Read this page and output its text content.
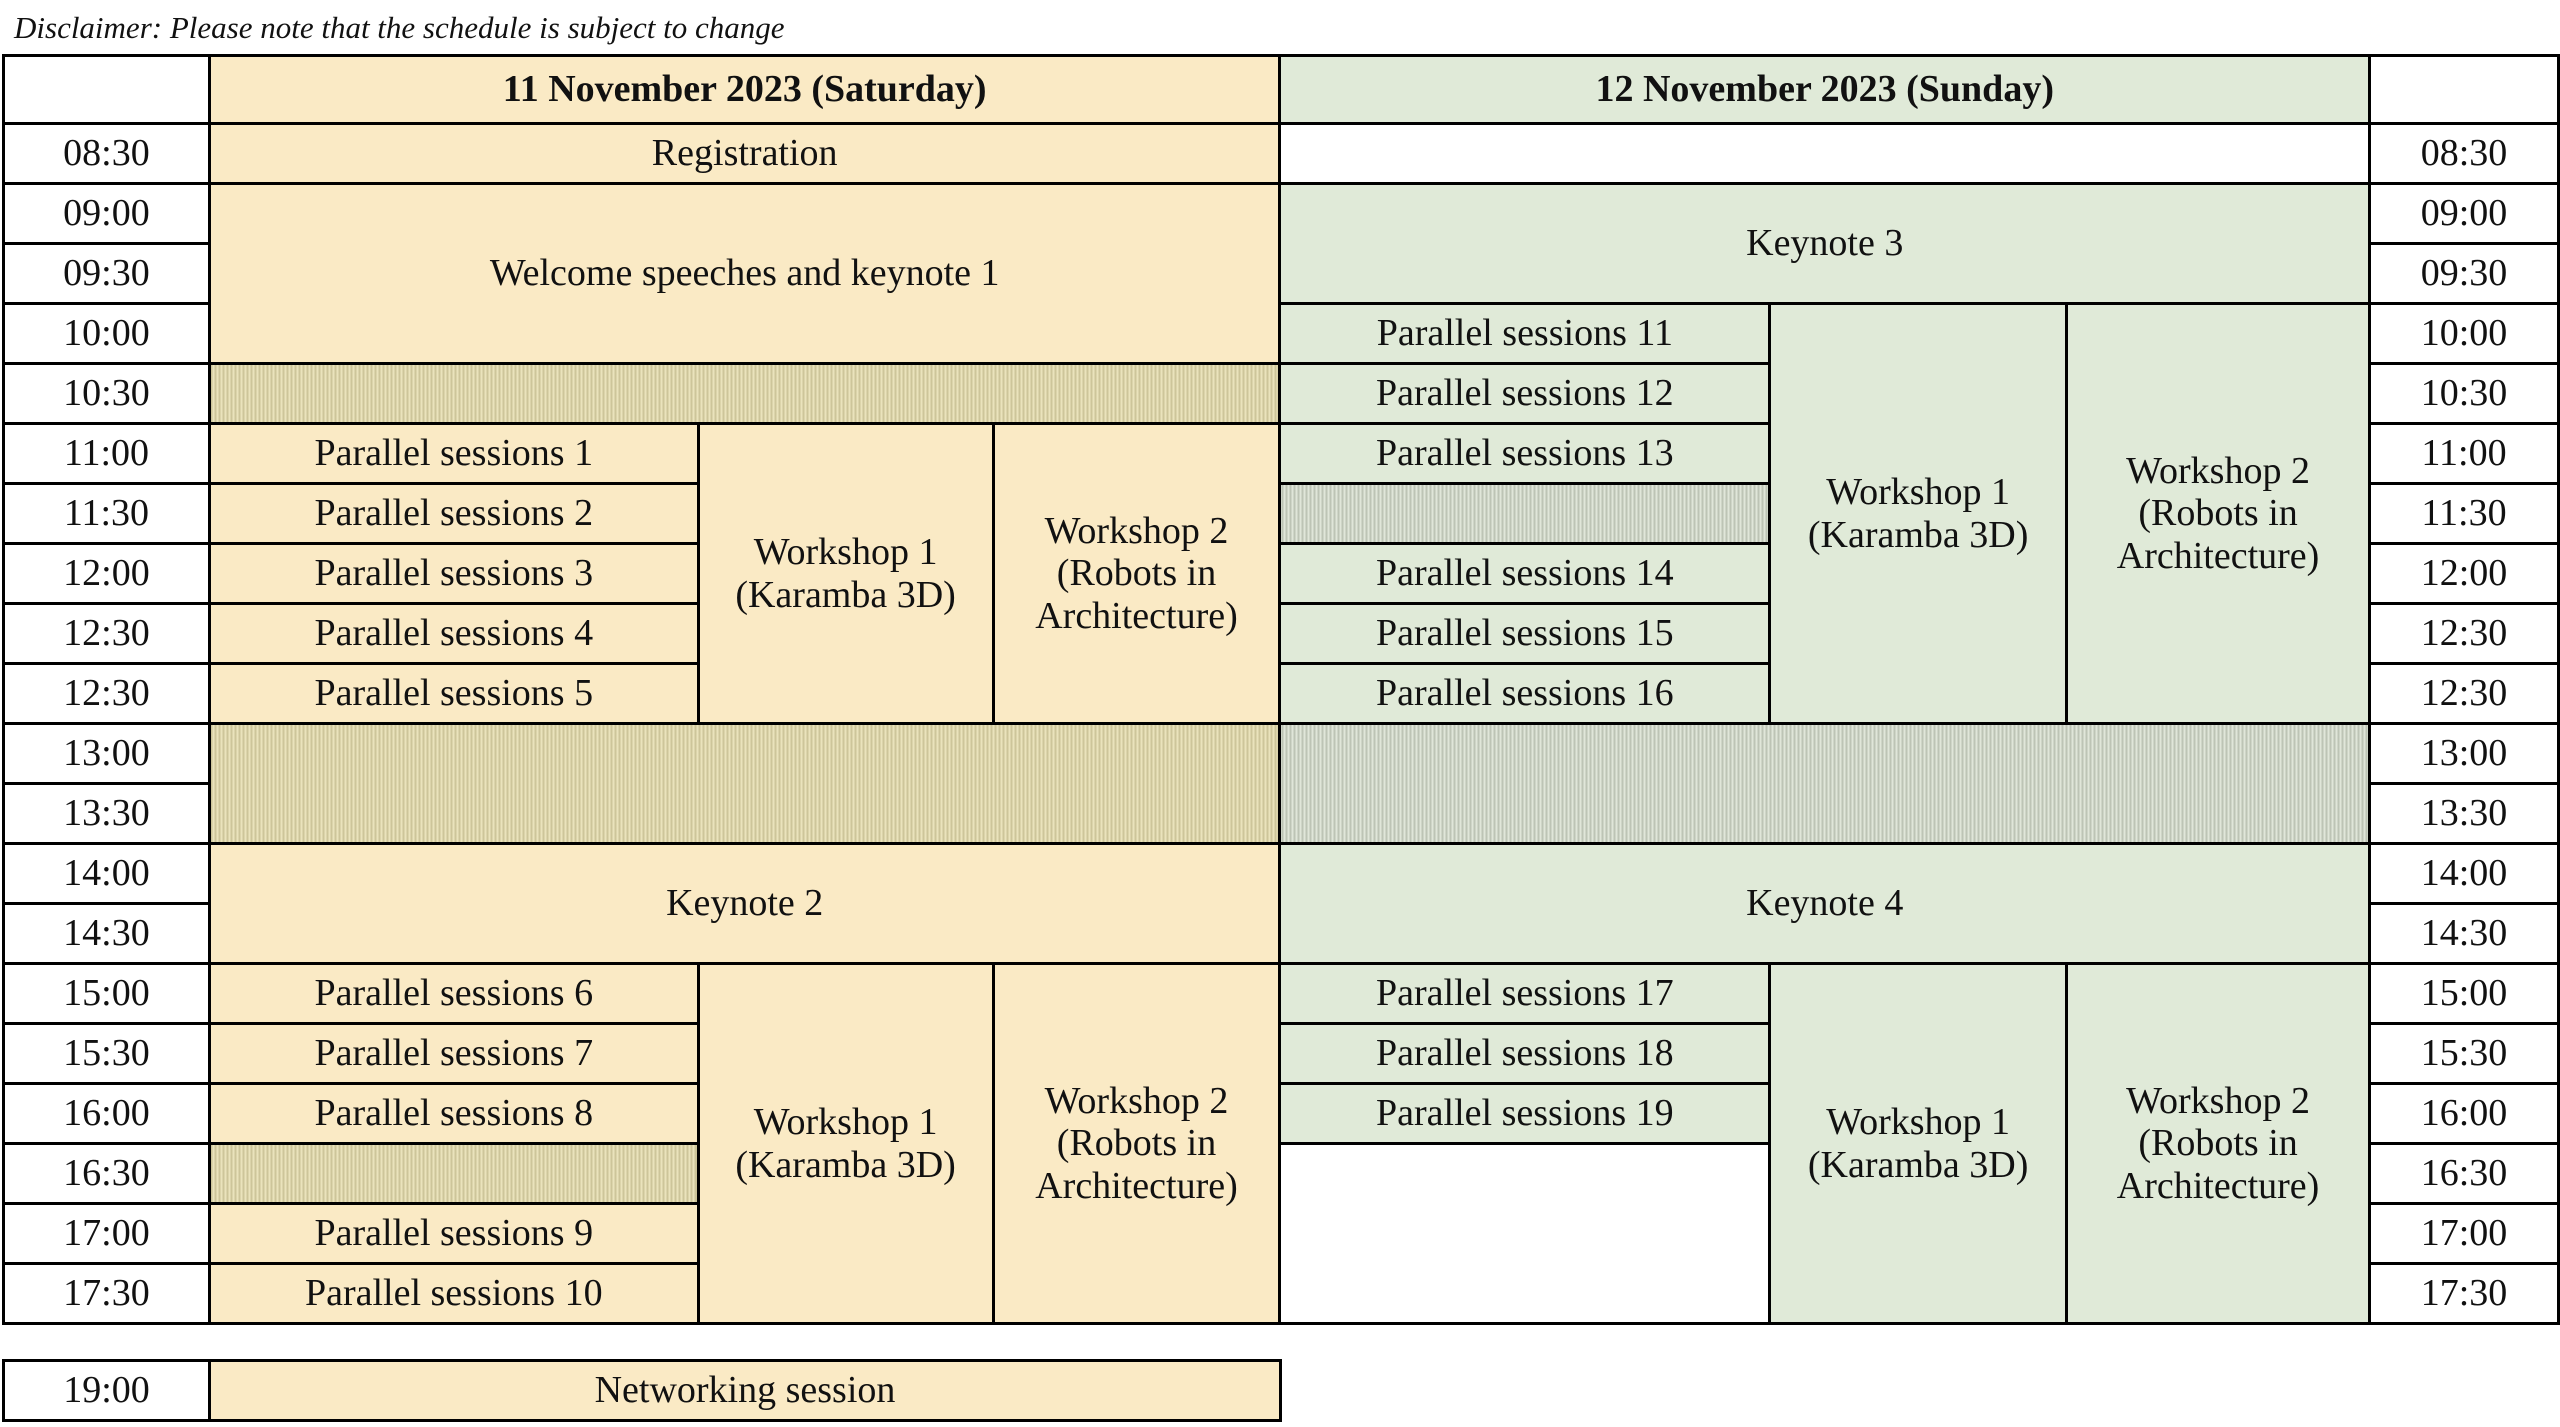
Disclaimer: Please note that the schedule is subject to change
	11 November 2023 (Saturday)			12 November 2023 (Sunday)			
08:30	Registration						08:30
09:00	Welcome speeches and keynote 1			Keynote 3			09:00
09:30							09:30
10:00				Parallel sessions 11	Workshop 1 (Karamba 3D)	Workshop 2 (Robots in Architecture)	10:00
10:30				Parallel sessions 12			10:30
11:00	Parallel sessions 1	Workshop 1 (Karamba 3D)	Workshop 2 (Robots in Architecture)	Parallel sessions 13			11:00
11:30	Parallel sessions 2						11:30
12:00	Parallel sessions 3			Parallel sessions 14			12:00
12:30	Parallel sessions 4			Parallel sessions 15			12:30
12:30	Parallel sessions 5			Parallel sessions 16			12:30
13:00							13:00
13:30							13:30
14:00	Keynote 2			Keynote 4			14:00
14:30							14:30
15:00	Parallel sessions 6	Workshop 1 (Karamba 3D)	Workshop 2 (Robots in Architecture)	Parallel sessions 17	Workshop 1 (Karamba 3D)	Workshop 2 (Robots in Architecture)	15:00
15:30	Parallel sessions 7			Parallel sessions 18			15:30
16:00	Parallel sessions 8			Parallel sessions 19			16:00
16:30							16:30
17:00	Parallel sessions 9						17:00
17:30	Parallel sessions 10						17:30
19:00	Networking session
